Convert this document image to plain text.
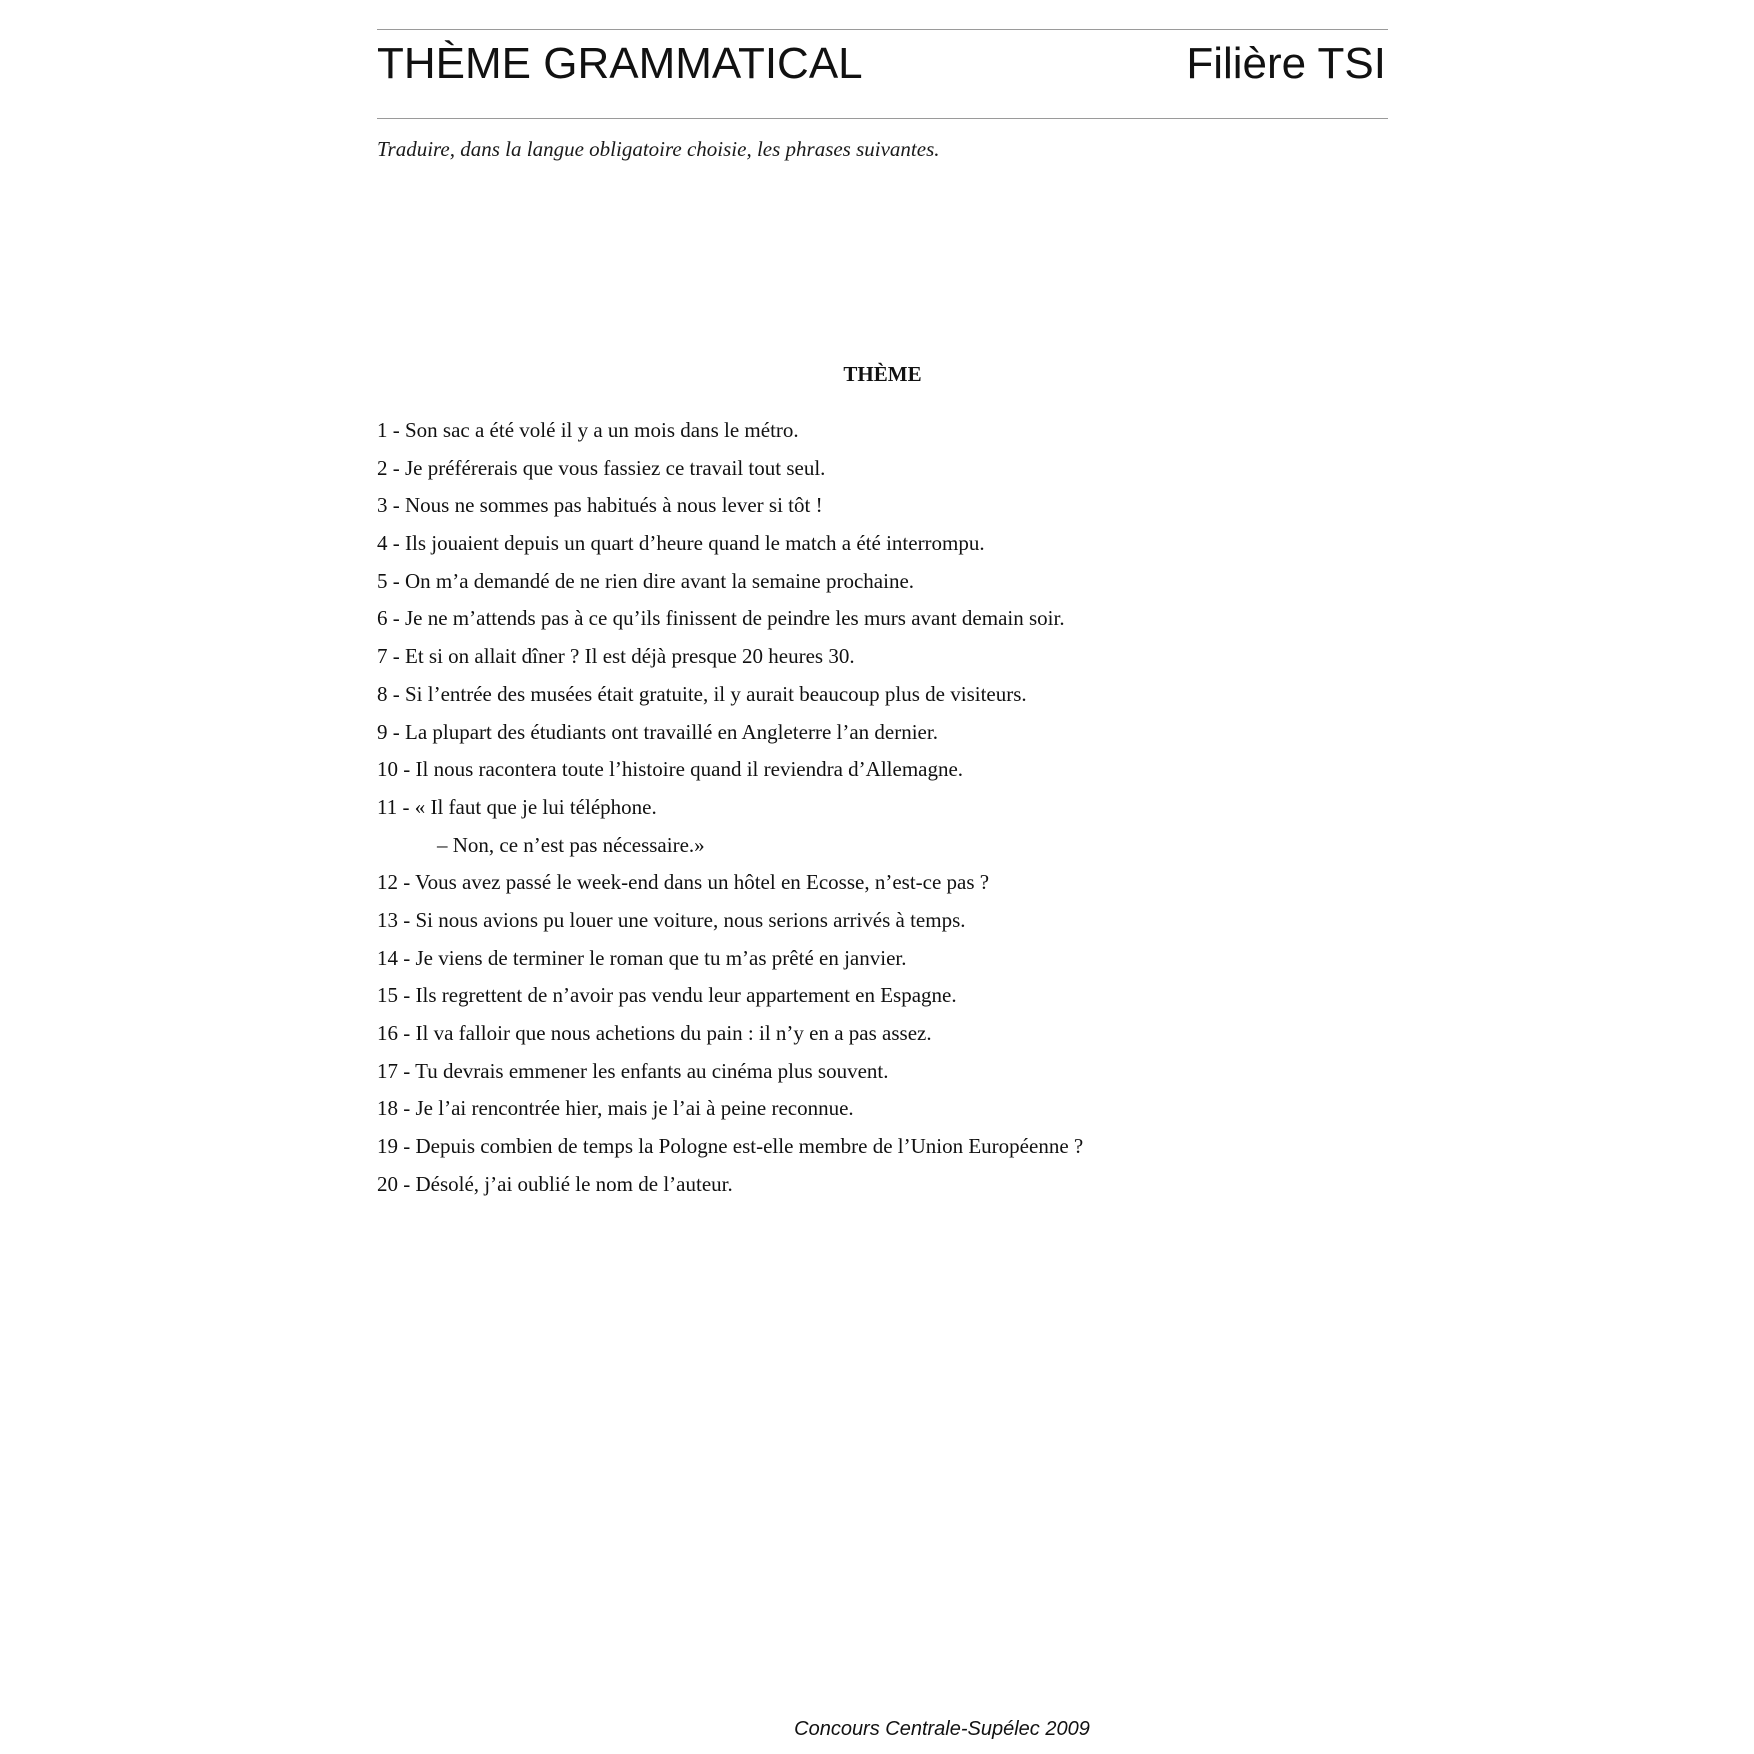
THÈME GRAMMATICAL	Filière TSI
Traduire, dans la langue obligatoire choisie, les phrases suivantes.
THÈME
1 - Son sac a été volé il y a un mois dans le métro.
2 - Je préférerais que vous fassiez ce travail tout seul.
3 - Nous ne sommes pas habitués à nous lever si tôt !
4 - Ils jouaient depuis un quart d’heure quand le match a été interrompu.
5 - On m’a demandé de ne rien dire avant la semaine prochaine.
6 - Je ne m’attends pas à ce qu’ils finissent de peindre les murs avant demain soir.
7 - Et si on allait dîner ? Il est déjà presque 20 heures 30.
8 - Si l’entrée des musées était gratuite, il y aurait beaucoup plus de visiteurs.
9 - La plupart des étudiants ont travaillé en Angleterre l’an dernier.
10 - Il nous racontera toute l’histoire quand il reviendra d’Allemagne.
11 - « Il faut que je lui téléphone.
– Non, ce n’est pas nécessaire.»
12 - Vous avez passé le week-end dans un hôtel en Ecosse, n’est-ce pas ?
13 - Si nous avions pu louer une voiture, nous serions arrivés à temps.
14 - Je viens de terminer le roman que tu m’as prêté en janvier.
15 - Ils regrettent de n’avoir pas vendu leur appartement en Espagne.
16 - Il va falloir que nous achetions du pain : il n’y en a pas assez.
17 - Tu devrais emmener les enfants au cinéma plus souvent.
18 - Je l’ai rencontrée hier, mais je l’ai à peine reconnue.
19 - Depuis combien de temps la Pologne est-elle membre de l’Union Européenne ?
20 - Désolé, j’ai oublié le nom de l’auteur.
Concours Centrale-Supélec 2009
